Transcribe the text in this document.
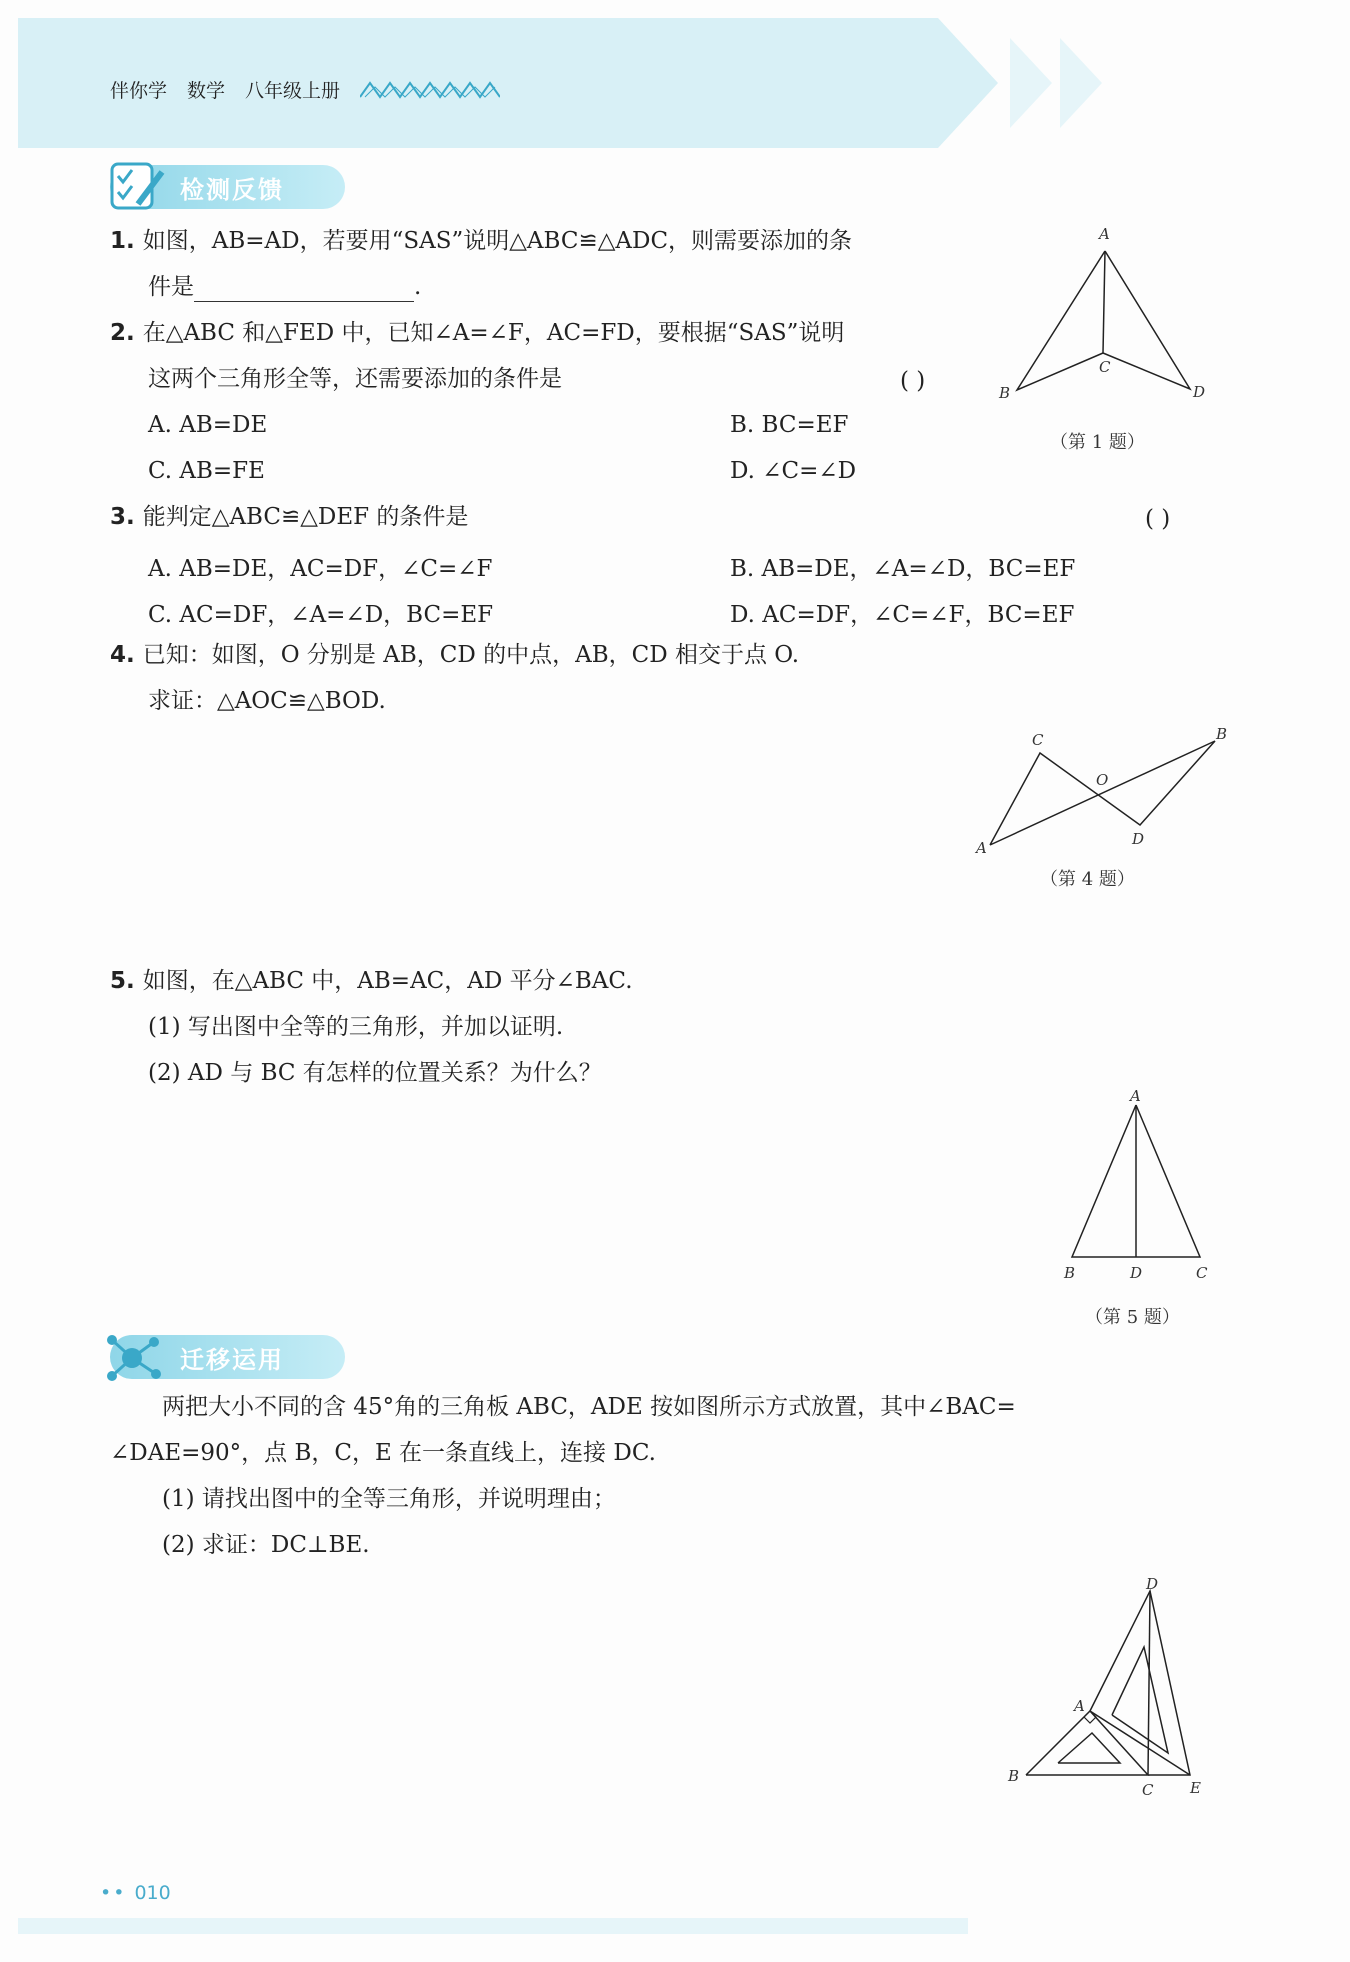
伴你学 数学 八年级上册
检测反馈
1. 如图，AB=AD，若要用“SAS”说明△ABC≌△ADC，则需要添加的条
件是	.
A
B
C
D
（第 1 题）
2. 在△ABC 和△FED 中，已知∠A=∠F，AC=FD，要根据“SAS”说明
这两个三角形全等，还需要添加的条件是	( )
A. AB=DE	B. BC=EF
C. AB=FE	D. ∠C=∠D
3. 能判定△ABC≌△DEF 的条件是	( )
A. AB=DE，AC=DF，∠C=∠F	B. AB=DE，∠A=∠D，BC=EF
C. AC=DF，∠A=∠D，BC=EF	D. AC=DF，∠C=∠F，BC=EF
4. 已知：如图，O 分别是 AB，CD 的中点，AB，CD 相交于点 O.
求证：△AOC≌△BOD.
C	B
O
A	D
（第 4 题）
5. 如图，在△ABC 中，AB=AC，AD 平分∠BAC.
(1) 写出图中全等的三角形，并加以证明.
(2) AD 与 BC 有怎样的位置关系？为什么？
A
B	D	C
（第 5 题）
迁移运用
两把大小不同的含 45°角的三角板 ABC，ADE 按如图所示方式放置，其中∠BAC=
∠DAE=90°，点 B，C，E 在一条直线上，连接 DC.
(1) 请找出图中的全等三角形，并说明理由；
(2) 求证：DC⊥BE.
D
A
B
C E
•• 010
